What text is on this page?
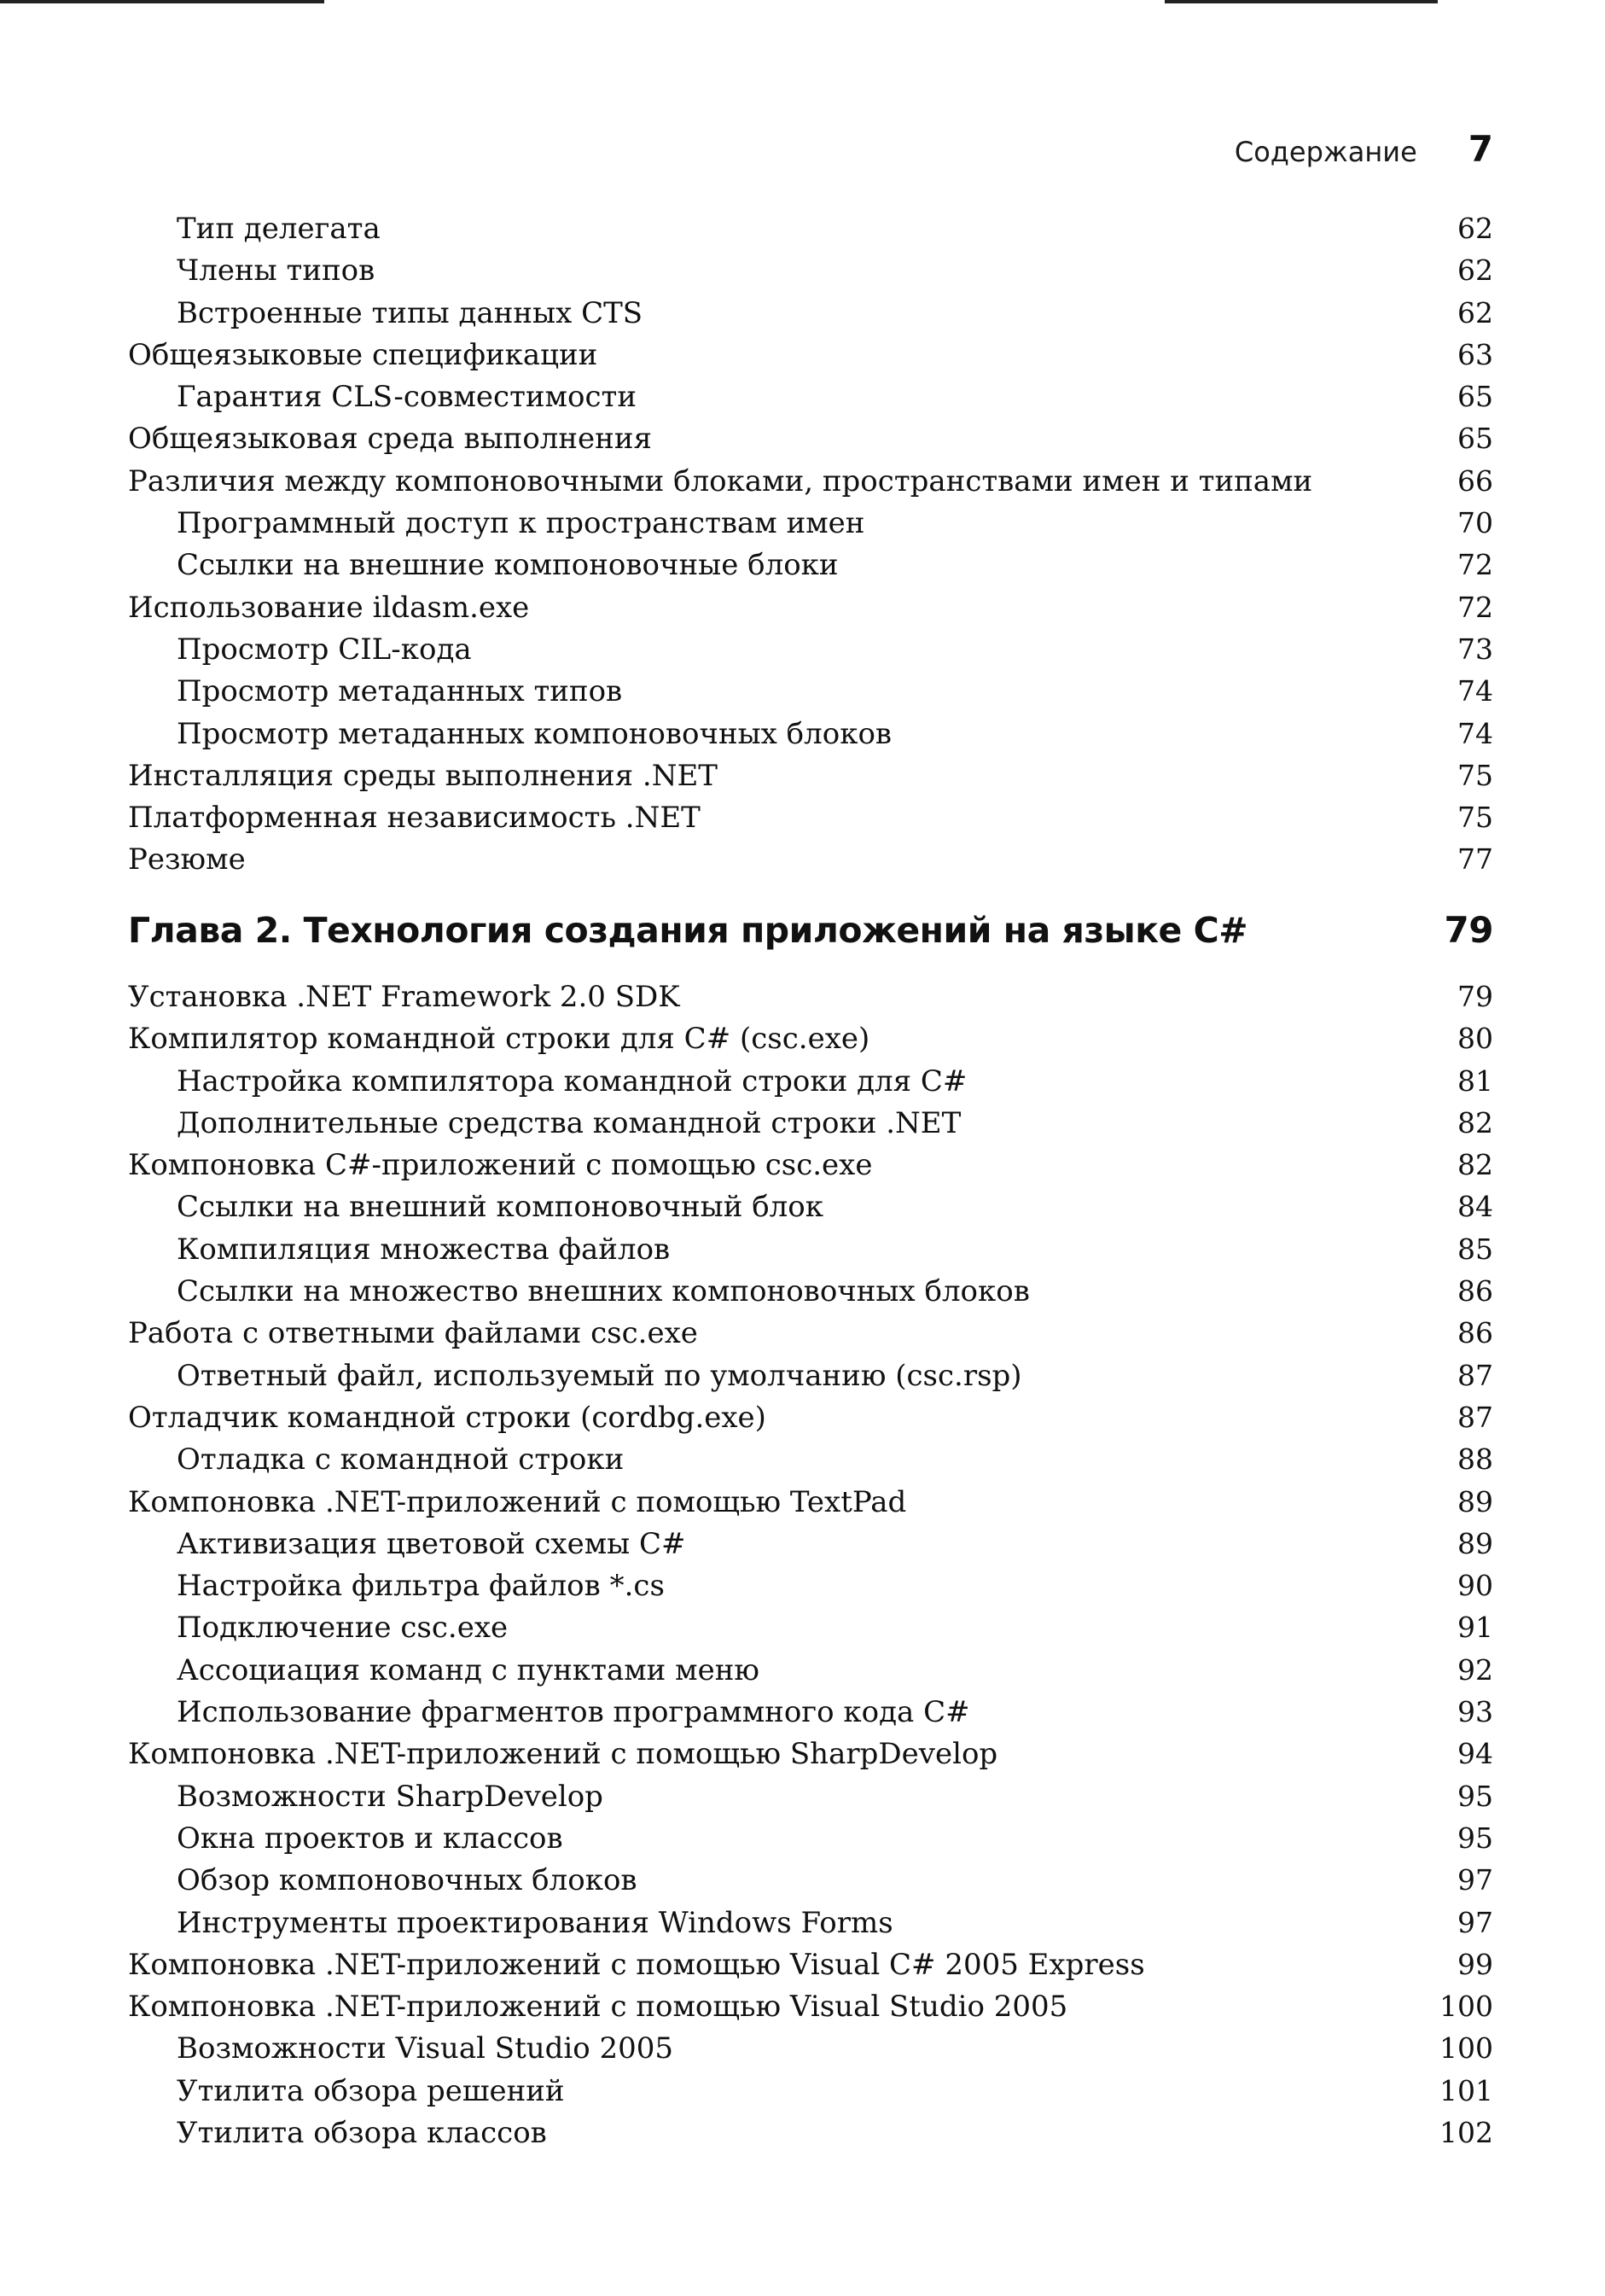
Содержание 7
Тип делегата	62
Члены типов	62
Встроенные типы данных CTS	62
Общеязыковые спецификации	63
Гарантия CLS-совместимости	65
Общеязыковая среда выполнения	65
Различия между компоновочными блоками, пространствами имен и типами	66
Программный доступ к пространствам имен	70
Ссылки на внешние компоновочные блоки	72
Использование ildasm.exe	72
Просмотр CIL-кода	73
Просмотр метаданных типов	74
Просмотр метаданных компоновочных блоков	74
Инсталляция среды выполнения .NET	75
Платформенная независимость .NET	75
Резюме	77
Глава 2. Технология создания приложений на языке C#	79
Установка .NET Framework 2.0 SDK	79
Компилятор командной строки для C# (csc.exe)	80
Настройка компилятора командной строки для C#	81
Дополнительные средства командной строки .NET	82
Компоновка C#-приложений с помощью csc.exe	82
Ссылки на внешний компоновочный блок	84
Компиляция множества файлов	85
Ссылки на множество внешних компоновочных блоков	86
Работа с ответными файлами csc.exe	86
Ответный файл, используемый по умолчанию (csc.rsp)	87
Отладчик командной строки (cordbg.exe)	87
Отладка с командной строки	88
Компоновка .NET-приложений с помощью TextPad	89
Активизация цветовой схемы C#	89
Настройка фильтра файлов *.cs	90
Подключение csc.exe	91
Ассоциация команд с пунктами меню	92
Использование фрагментов программного кода C#	93
Компоновка .NET-приложений с помощью SharpDevelop	94
Возможности SharpDevelop	95
Окна проектов и классов	95
Обзор компоновочных блоков	97
Инструменты проектирования Windows Forms	97
Компоновка .NET-приложений с помощью Visual C# 2005 Express	99
Компоновка .NET-приложений с помощью Visual Studio 2005	100
Возможности Visual Studio 2005	100
Утилита обзора решений	101
Утилита обзора классов	102
